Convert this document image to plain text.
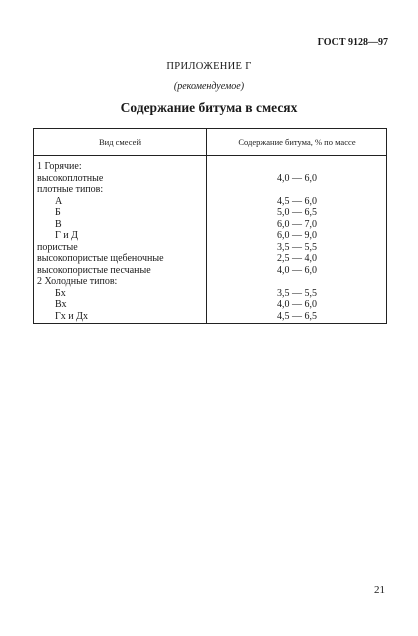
ГОСТ 9128—97
ПРИЛОЖЕНИЕ Г
(рекомендуемое)
Содержание битума в смесях
Вид смесей	Содержание битума, % по массе
1 Горячие:
высокоплотные	4,0 — 6,0
плотные типов:
А	4,5 — 6,0
Б	5,0 — 6,5
В	6,0 — 7,0
Г и Д	6,0 — 9,0
пористые	3,5 — 5,5
высокопористые щебеночные	2,5 — 4,0
высокопористые песчаные	4,0 — 6,0
2 Холодные типов:
Бх	3,5 — 5,5
Вх	4,0 — 6,0
Гх и Дх	4,5 — 6,5
21
